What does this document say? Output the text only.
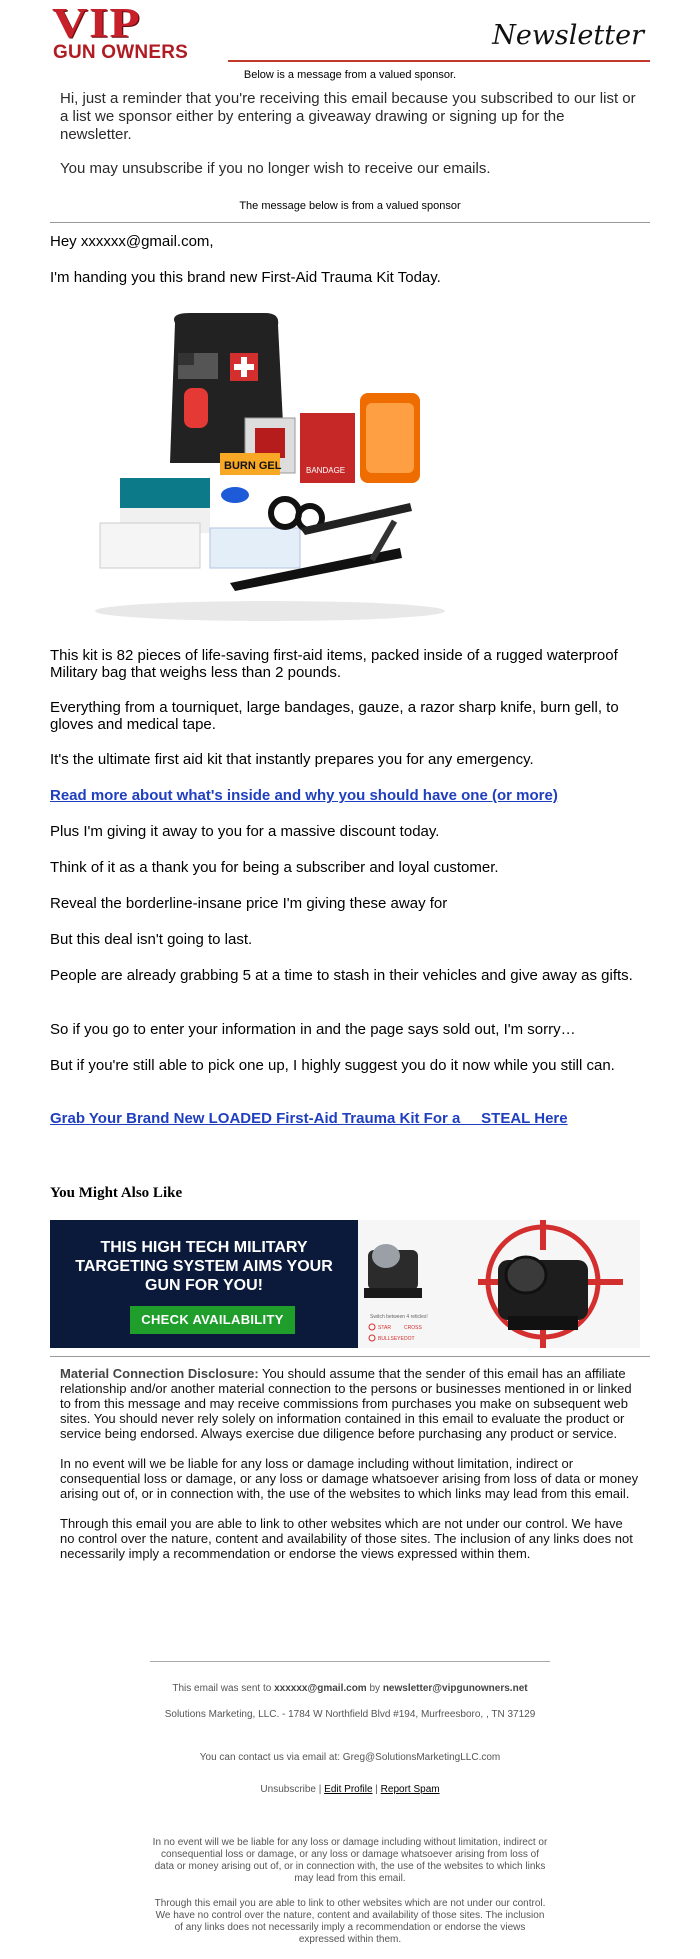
VIP
GUN OWNERS
Newsletter
Below is a message from a valued sponsor.

Hi, just a reminder that you're receiving this email because you subscribed to our list or a list we sponsor either by entering a giveaway drawing or signing up for the newsletter.

You may unsubscribe if you no longer wish to receive our emails.

The message below is from a valued sponsor

Hey xxxxxx@gmail.com,

I'm handing you this brand new First-Aid Trauma Kit Today.

BANDAGE
BURN GEL

This kit is 82 pieces of life-saving first-aid items, packed inside of a rugged waterproof Military bag that weighs less than 2 pounds.

Everything from a tourniquet, large bandages, gauze, a razor sharp knife, burn gell, to gloves and medical tape.

It's the ultimate first aid kit that instantly prepares you for any emergency.

Read more about what's inside and why you should have one (or more)

Plus I'm giving it away to you for a massive discount today.

Think of it as a thank you for being a subscriber and loyal customer.

Reveal the borderline-insane price I'm giving these away for

But this deal isn't going to last.

People are already grabbing 5 at a time to stash in their vehicles and give away as gifts.

So if you go to enter your information in and the page says sold out, I'm sorry…

But if you're still able to pick one up, I highly suggest you do it now while you still can.

Grab Your Brand New LOADED First-Aid Trauma Kit For a     STEAL Here
You Might Also Like
THIS HIGH TECH MILITARY TARGETING SYSTEM AIMS YOUR GUN FOR YOU!
CHECK AVAILABILITY	Switch between 4 reticles!
STAR	CROSS
BULLSEYE DOT

Material Connection Disclosure: You should assume that the sender of this email has an affiliate relationship and/or another material connection to the persons or businesses mentioned in or linked to from this message and may receive commissions from purchases you make on subsequent web sites. You should never rely solely on information contained in this email to evaluate the product or service being endorsed. Always exercise due diligence before purchasing any product or service.

In no event will we be liable for any loss or damage including without limitation, indirect or consequential loss or damage, or any loss or damage whatsoever arising from loss of data or money arising out of, or in connection with, the use of the websites to which links may lead from this email.

Through this email you are able to link to other websites which are not under our control. We have no control over the nature, content and availability of those sites. The inclusion of any links does not necessarily imply a recommendation or endorse the views expressed within them.

This email was sent to xxxxxx@gmail.com by newsletter@vipgunowners.net
Solutions Marketing, LLC. - 1784 W Northfield Blvd #194, Murfreesboro, , TN 37129
You can contact us via email at: Greg@SolutionsMarketingLLC.com
Unsubscribe | Edit Profile | Report Spam
In no event will we be liable for any loss or damage including without limitation, indirect or consequential loss or damage, or any loss or damage whatsoever arising from loss of data or money arising out of, or in connection with, the use of the websites to which links may lead from this email.
Through this email you are able to link to other websites which are not under our control. We have no control over the nature, content and availability of those sites. The inclusion of any links does not necessarily imply a recommendation or endorse the views expressed within them.
